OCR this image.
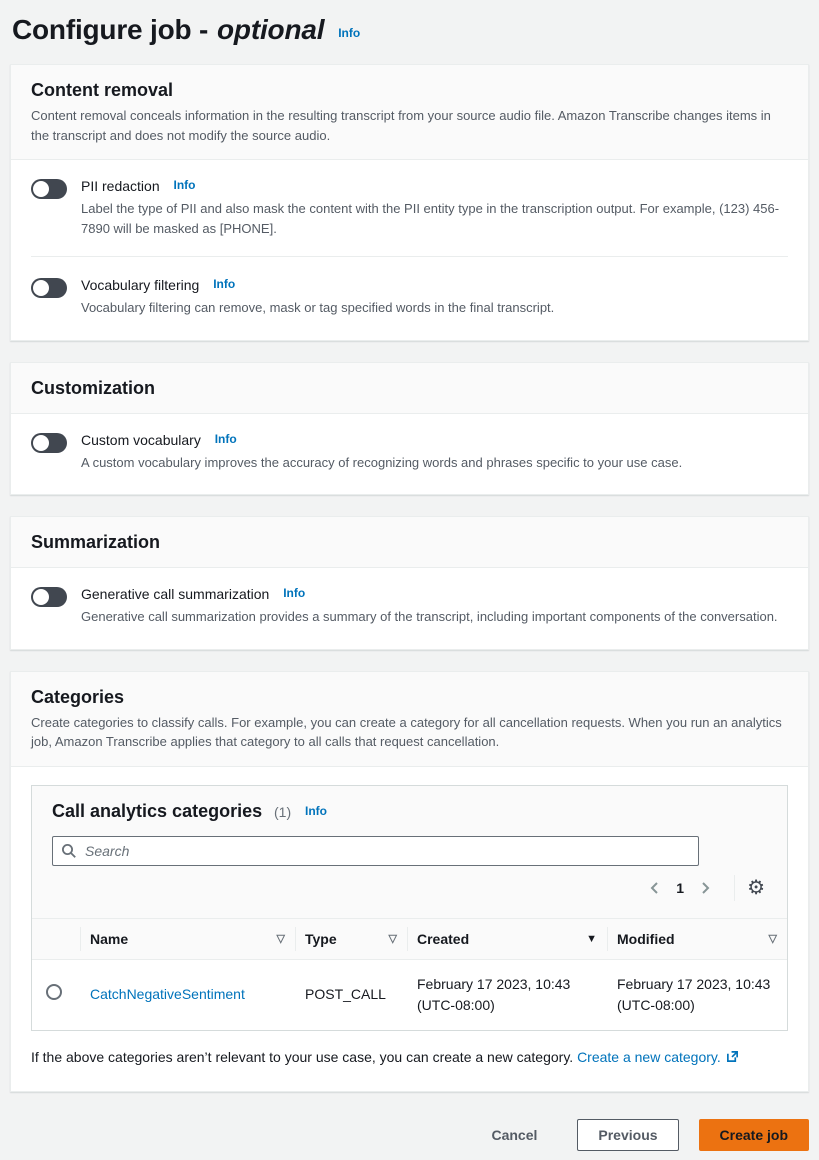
Configure job - optional Info
Content removal

Content removal conceals information in the resulting transcript from your source audio file. Amazon Transcribe changes items in the transcript and does not modify the source audio.

PII redaction Info

Label the type of PII and also mask the content with the PII entity type in the transcription output. For example, (123) 456-7890 will be masked as [PHONE].

Vocabulary filtering Info

Vocabulary filtering can remove, mask or tag specified words in the final transcript.

Customization
Custom vocabulary Info

A custom vocabulary improves the accuracy of recognizing words and phrases specific to your use case.

Summarization
Generative call summarization Info

Generative call summarization provides a summary of the transcript, including important components of the conversation.

Categories

Create categories to classify calls. For example, you can create a category for all cancellation requests. When you run an analytics job, Amazon Transcribe applies that category to all calls that request cancellation.

Call analytics categories (1) Info
Search
1	⚙

	Name ▽	Type ▽	Created ▼	Modified ▽

	CatchNegativeSentiment	POST_CALL	February 17 2023, 10:43 (UTC-08:00)	February 17 2023, 10:43 (UTC-08:00)

If the above categories aren’t relevant to your use case, you can create a new category. Create a new category.

Cancel	Previous	Create job
